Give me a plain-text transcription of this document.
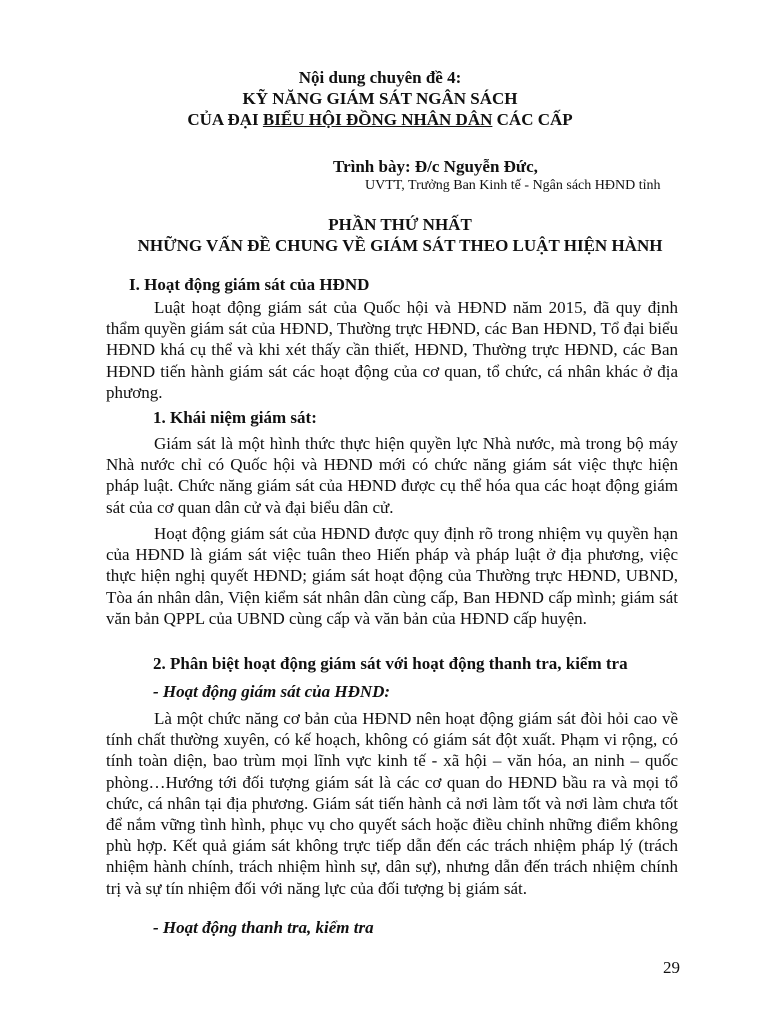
Nội dung chuyên đề 4:
KỸ NĂNG GIÁM SÁT NGÂN SÁCH
CỦA ĐẠI BIỂU HỘI ĐỒNG NHÂN DÂN CÁC CẤP
Trình bày: Đ/c Nguyễn Đức,
UVTT, Trưởng Ban Kinh tế - Ngân sách HĐND tỉnh
PHẦN THỨ NHẤT
NHỮNG VẤN ĐỀ CHUNG VỀ GIÁM SÁT THEO LUẬT HIỆN HÀNH
I. Hoạt động giám sát của HĐND

Luật hoạt động giám sát của Quốc hội và HĐND năm 2015, đã quy định thẩm quyền giám sát của HĐND, Thường trực HĐND, các Ban HĐND, Tổ đại biểu HĐND khá cụ thể và khi xét thấy cần thiết, HĐND, Thường trực HĐND, các Ban HĐND tiến hành giám sát các hoạt động của cơ quan, tổ chức, cá nhân khác ở địa phương.

1. Khái niệm giám sát:

Giám sát là một hình thức thực hiện quyền lực Nhà nước, mà trong bộ máy Nhà nước chỉ có Quốc hội và HĐND mới có chức năng giám sát việc thực hiện pháp luật. Chức năng giám sát của HĐND được cụ thể hóa qua các hoạt động giám sát của cơ quan dân cử và đại biểu dân cử.

Hoạt động giám sát của HĐND được quy định rõ trong nhiệm vụ quyền hạn của HĐND là giám sát việc tuân theo Hiến pháp và pháp luật ở địa phương, việc thực hiện nghị quyết HĐND; giám sát hoạt động của Thường trực HĐND, UBND, Tòa án nhân dân, Viện kiểm sát nhân dân cùng cấp, Ban HĐND cấp mình; giám sát văn bản QPPL của UBND cùng cấp và văn bản của HĐND cấp huyện.

2. Phân biệt hoạt động giám sát với hoạt động thanh tra, kiểm tra
- Hoạt động giám sát của HĐND:

Là một chức năng cơ bản của HĐND nên hoạt động giám sát đòi hỏi cao về tính chất thường xuyên, có kế hoạch, không có giám sát đột xuất. Phạm vi rộng, có tính toàn diện, bao trùm mọi lĩnh vực kinh tế - xã hội – văn hóa, an ninh – quốc phòng…Hướng tới đối tượng giám sát là các cơ quan do HĐND bầu ra và mọi tổ chức, cá nhân tại địa phương. Giám sát tiến hành cả nơi làm tốt và nơi làm chưa tốt để nắm vững tình hình, phục vụ cho quyết sách hoặc điều chỉnh những điểm không phù hợp. Kết quả giám sát không trực tiếp dẫn đến các trách nhiệm pháp lý (trách nhiệm hành chính, trách nhiệm hình sự, dân sự), nhưng dẫn đến trách nhiệm chính trị và sự tín nhiệm đối với năng lực của đối tượng bị giám sát.

- Hoạt động thanh tra, kiểm tra
29
